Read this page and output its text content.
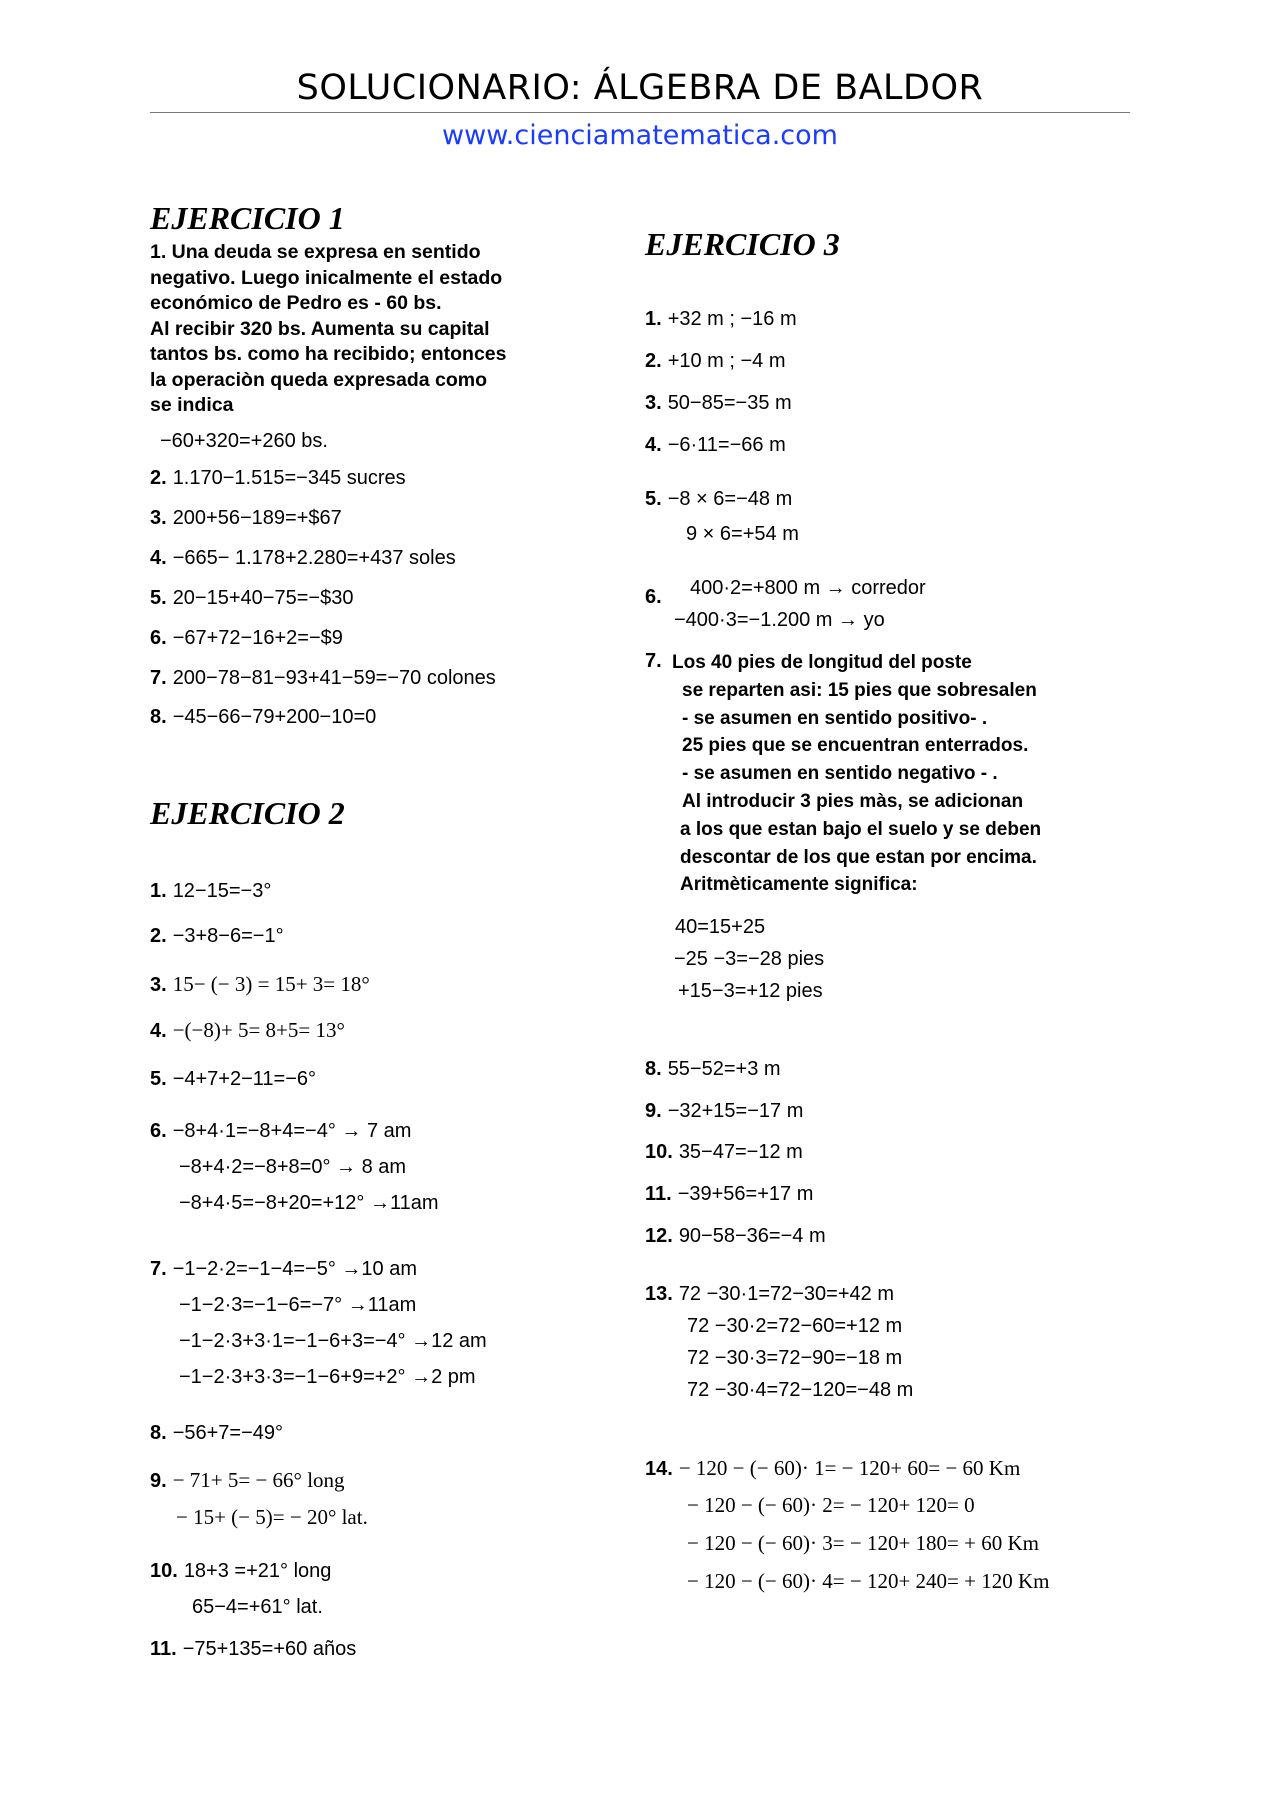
SOLUCIONARIO: ÁLGEBRA DE BALDOR
www.cienciamatematica.com
EJERCICIO 1
1. Una deuda se expresa en sentido
negativo. Luego inicalmente el estado
económico de Pedro es - 60 bs.
Al recibir 320 bs. Aumenta su capital
tantos bs. como ha recibido; entonces
la operaciòn queda expresada como
se indica
−60+320=+260 bs.
2. 1.170−1.515=−345 sucres
3. 200+56−189=+$67
4. −665− 1.178+2.280=+437 soles
5. 20−15+40−75=−$30
6. −67+72−16+2=−$9
7. 200−78−81−93+41−59=−70 colones
8. −45−66−79+200−10=0
EJERCICIO 2
1. 12−15=−3°
2. −3+8−6=−1°
3. 15− (− 3) = 15+ 3= 18°
4. −(−8)+ 5= 8+5= 13°
5. −4+7+2−11=−6°
6. −8+4·1=−8+4=−4° → 7 am
−8+4·2=−8+8=0° → 8 am
−8+4·5=−8+20=+12° →11am
7. −1−2·2=−1−4=−5° →10 am
−1−2·3=−1−6=−7° →11am
−1−2·3+3·1=−1−6+3=−4° →12 am
−1−2·3+3·3=−1−6+9=+2° →2 pm
8. −56+7=−49°
9. − 71+ 5= − 66° long
− 15+ (− 5)= − 20° lat.
10. 18+3 =+21° long
65−4=+61° lat.
11. −75+135=+60 años
EJERCICIO 3
1. +32 m ; −16 m
2. +10 m ; −4 m
3. 50−85=−35 m
4. −6·11=−66 m
5. −8 × 6=−48 m
9 × 6=+54 m
6. 400·2=+800 m → corredor
−400·3=−1.200 m → yo
7. Los 40 pies de longitud del poste
se reparten asi: 15 pies que sobresalen
- se asumen en sentido positivo- .
25 pies que se encuentran enterrados.
- se asumen en sentido negativo - .
Al introducir 3 pies màs, se adicionan
a los que estan bajo el suelo y se deben
descontar de los que estan por encima.
Aritmèticamente significa:
40=15+25
−25 −3=−28 pies
+15−3=+12 pies
8. 55−52=+3 m
9. −32+15=−17 m
10. 35−47=−12 m
11. −39+56=+17 m
12. 90−58−36=−4 m
13. 72 −30·1=72−30=+42 m
72 −30·2=72−60=+12 m
72 −30·3=72−90=−18 m
72 −30·4=72−120=−48 m
14. − 120 − (− 60)· 1= − 120+ 60= − 60 Km
− 120 − (− 60)· 2= − 120+ 120= 0
− 120 − (− 60)· 3= − 120+ 180= + 60 Km
− 120 − (− 60)· 4= − 120+ 240= + 120 Km
